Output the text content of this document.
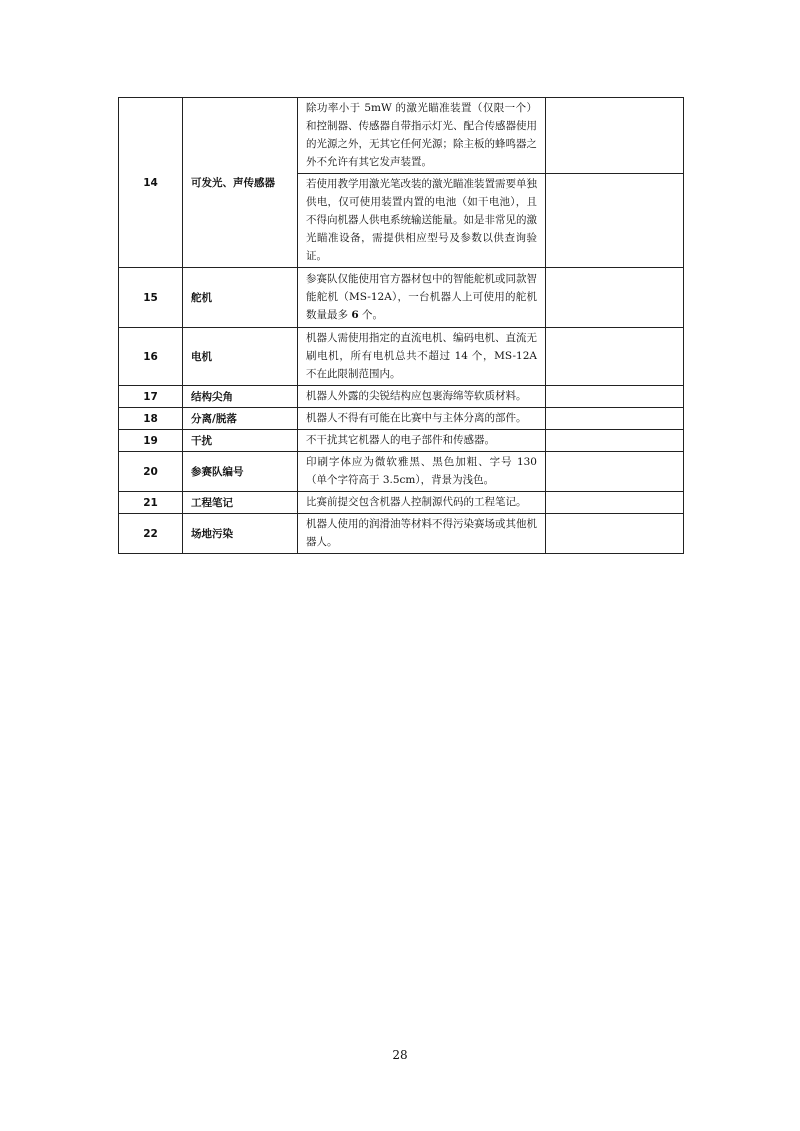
14	可发光、声传感器	除功率小于 5mW 的激光瞄准装置（仅限一个）和控制器、传感器自带指示灯光、配合传感器使用的光源之外，无其它任何光源；除主板的蜂鸣器之外不允许有其它发声装置。	
		若使用教学用激光笔改装的激光瞄准装置需要单独供电，仅可使用装置内置的电池（如干电池），且不得向机器人供电系统输送能量。如是非常见的激光瞄准设备，需提供相应型号及参数以供查询验证。	
15	舵机	参赛队仅能使用官方器材包中的智能舵机或同款智能舵机（MS-12A），一台机器人上可使用的舵机数量最多 6 个。	
16	电机	机器人需使用指定的直流电机、编码电机、直流无刷电机，所有电机总共不超过 14 个，MS-12A 不在此限制范围内。	
17	结构尖角	机器人外露的尖锐结构应包裹海绵等软质材料。	
18	分离/脱落	机器人不得有可能在比赛中与主体分离的部件。	
19	干扰	不干扰其它机器人的电子部件和传感器。	
20	参赛队编号	印刷字体应为微软雅黑、黑色加粗、字号 130（单个字符高于 3.5cm），背景为浅色。	
21	工程笔记	比赛前提交包含机器人控制源代码的工程笔记。	
22	场地污染	机器人使用的润滑油等材料不得污染赛场或其他机器人。	
28
